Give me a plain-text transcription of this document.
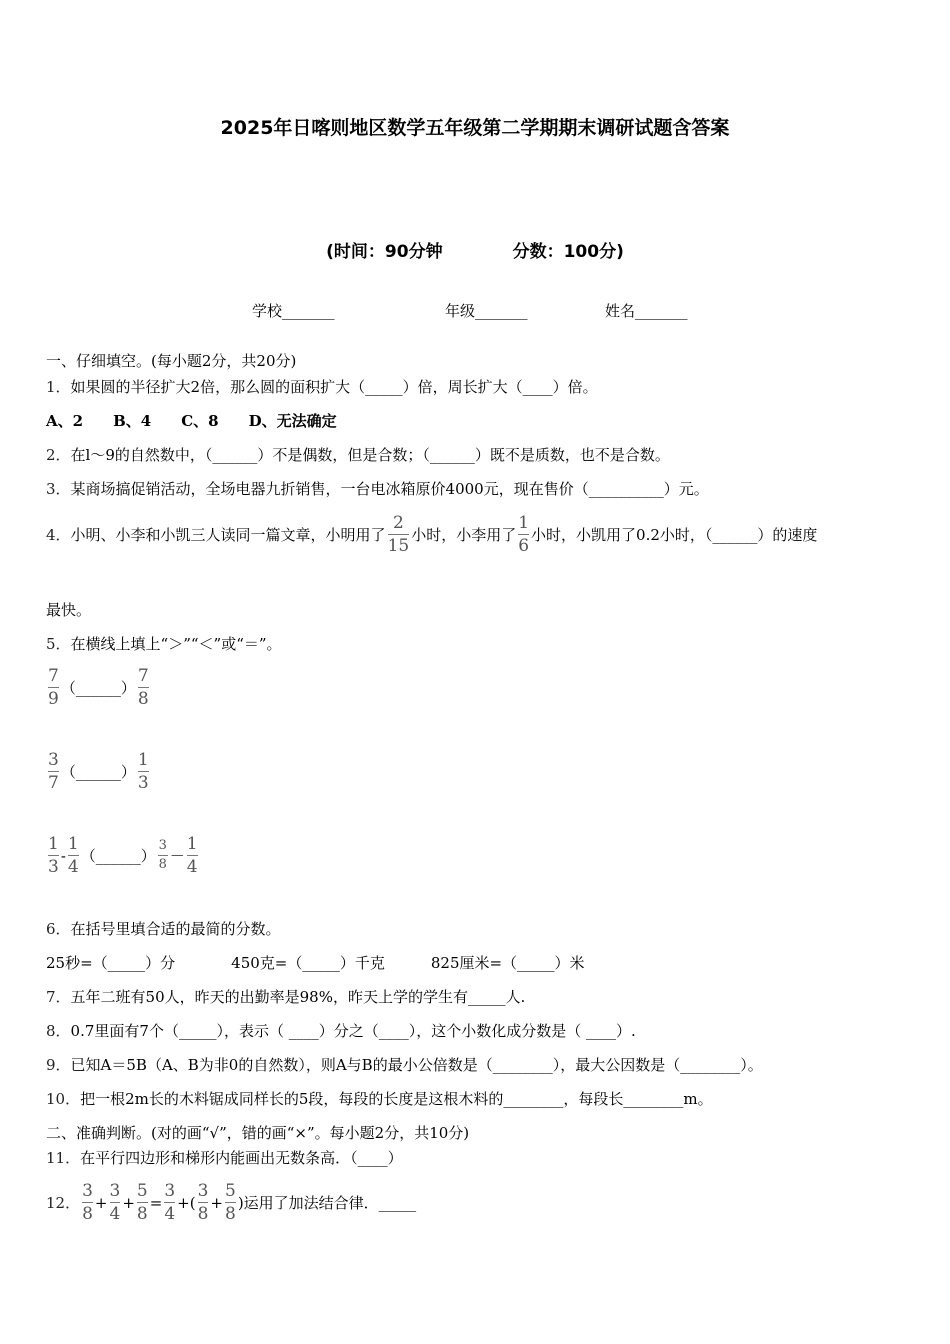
2025年日喀则地区数学五年级第二学期期末调研试题含答案
(时间：90分钟	分数：100分)
学校_______	年级_______	姓名_______
一、仔细填空。(每小题2分，共20分)
1．如果圆的半径扩大2倍，那么圆的面积扩大（_____）倍，周长扩大（____）倍。
A、2　　B、4　　C、8　　D、无法确定
2．在l～9的自然数中，（______）不是偶数，但是合数；（______）既不是质数，也不是合数。
3．某商场搞促销活动，全场电器九折销售，一台电冰箱原价4000元，现在售价（__________）元。
4． 小明、小李和小凯三人读同一篇文章，小明用了 $\frac{2}{15}$ 小时，小李用了 $\frac{1}{6}$ 小时，小凯用了0.2小时，（______）的速度
最快。
5．在横线上填上“＞”“＜”或“＝”。
$\frac{7}{9}$ （______） $\frac{7}{8}$
$\frac{3}{7}$ （______） $\frac{1}{3}$
$\frac{1}{3} - \frac{1}{4}$ （______） $\frac{3}{8} - \frac{1}{4}$
6．在括号里填合适的最简的分数。
25秒=（_____）分	450克=（_____）千克	825厘米=（_____）米
7．五年二班有50人，昨天的出勤率是98%，昨天上学的学生有_____人.
8．0.7里面有7个（_____），表示（ ____）分之（____），这个小数化成分数是（ ____）.
9．已知A＝5B（A、B为非0的自然数），则A与B的最小公倍数是（________），最大公因数是（________）。
10．把一根2m长的木料锯成同样长的5段，每段的长度是这根木料的________，每段长________m。
二、准确判断。(对的画“√”，错的画“×”。每小题2分，共10分)
11．在平行四边形和梯形内能画出无数条高．（____）
12． $\frac{3}{8} + \frac{3}{4} + \frac{5}{8} = \frac{3}{4}$ + ( $\frac{3}{8} + \frac{5}{8}$ ) 运用了加法结合律．_____
